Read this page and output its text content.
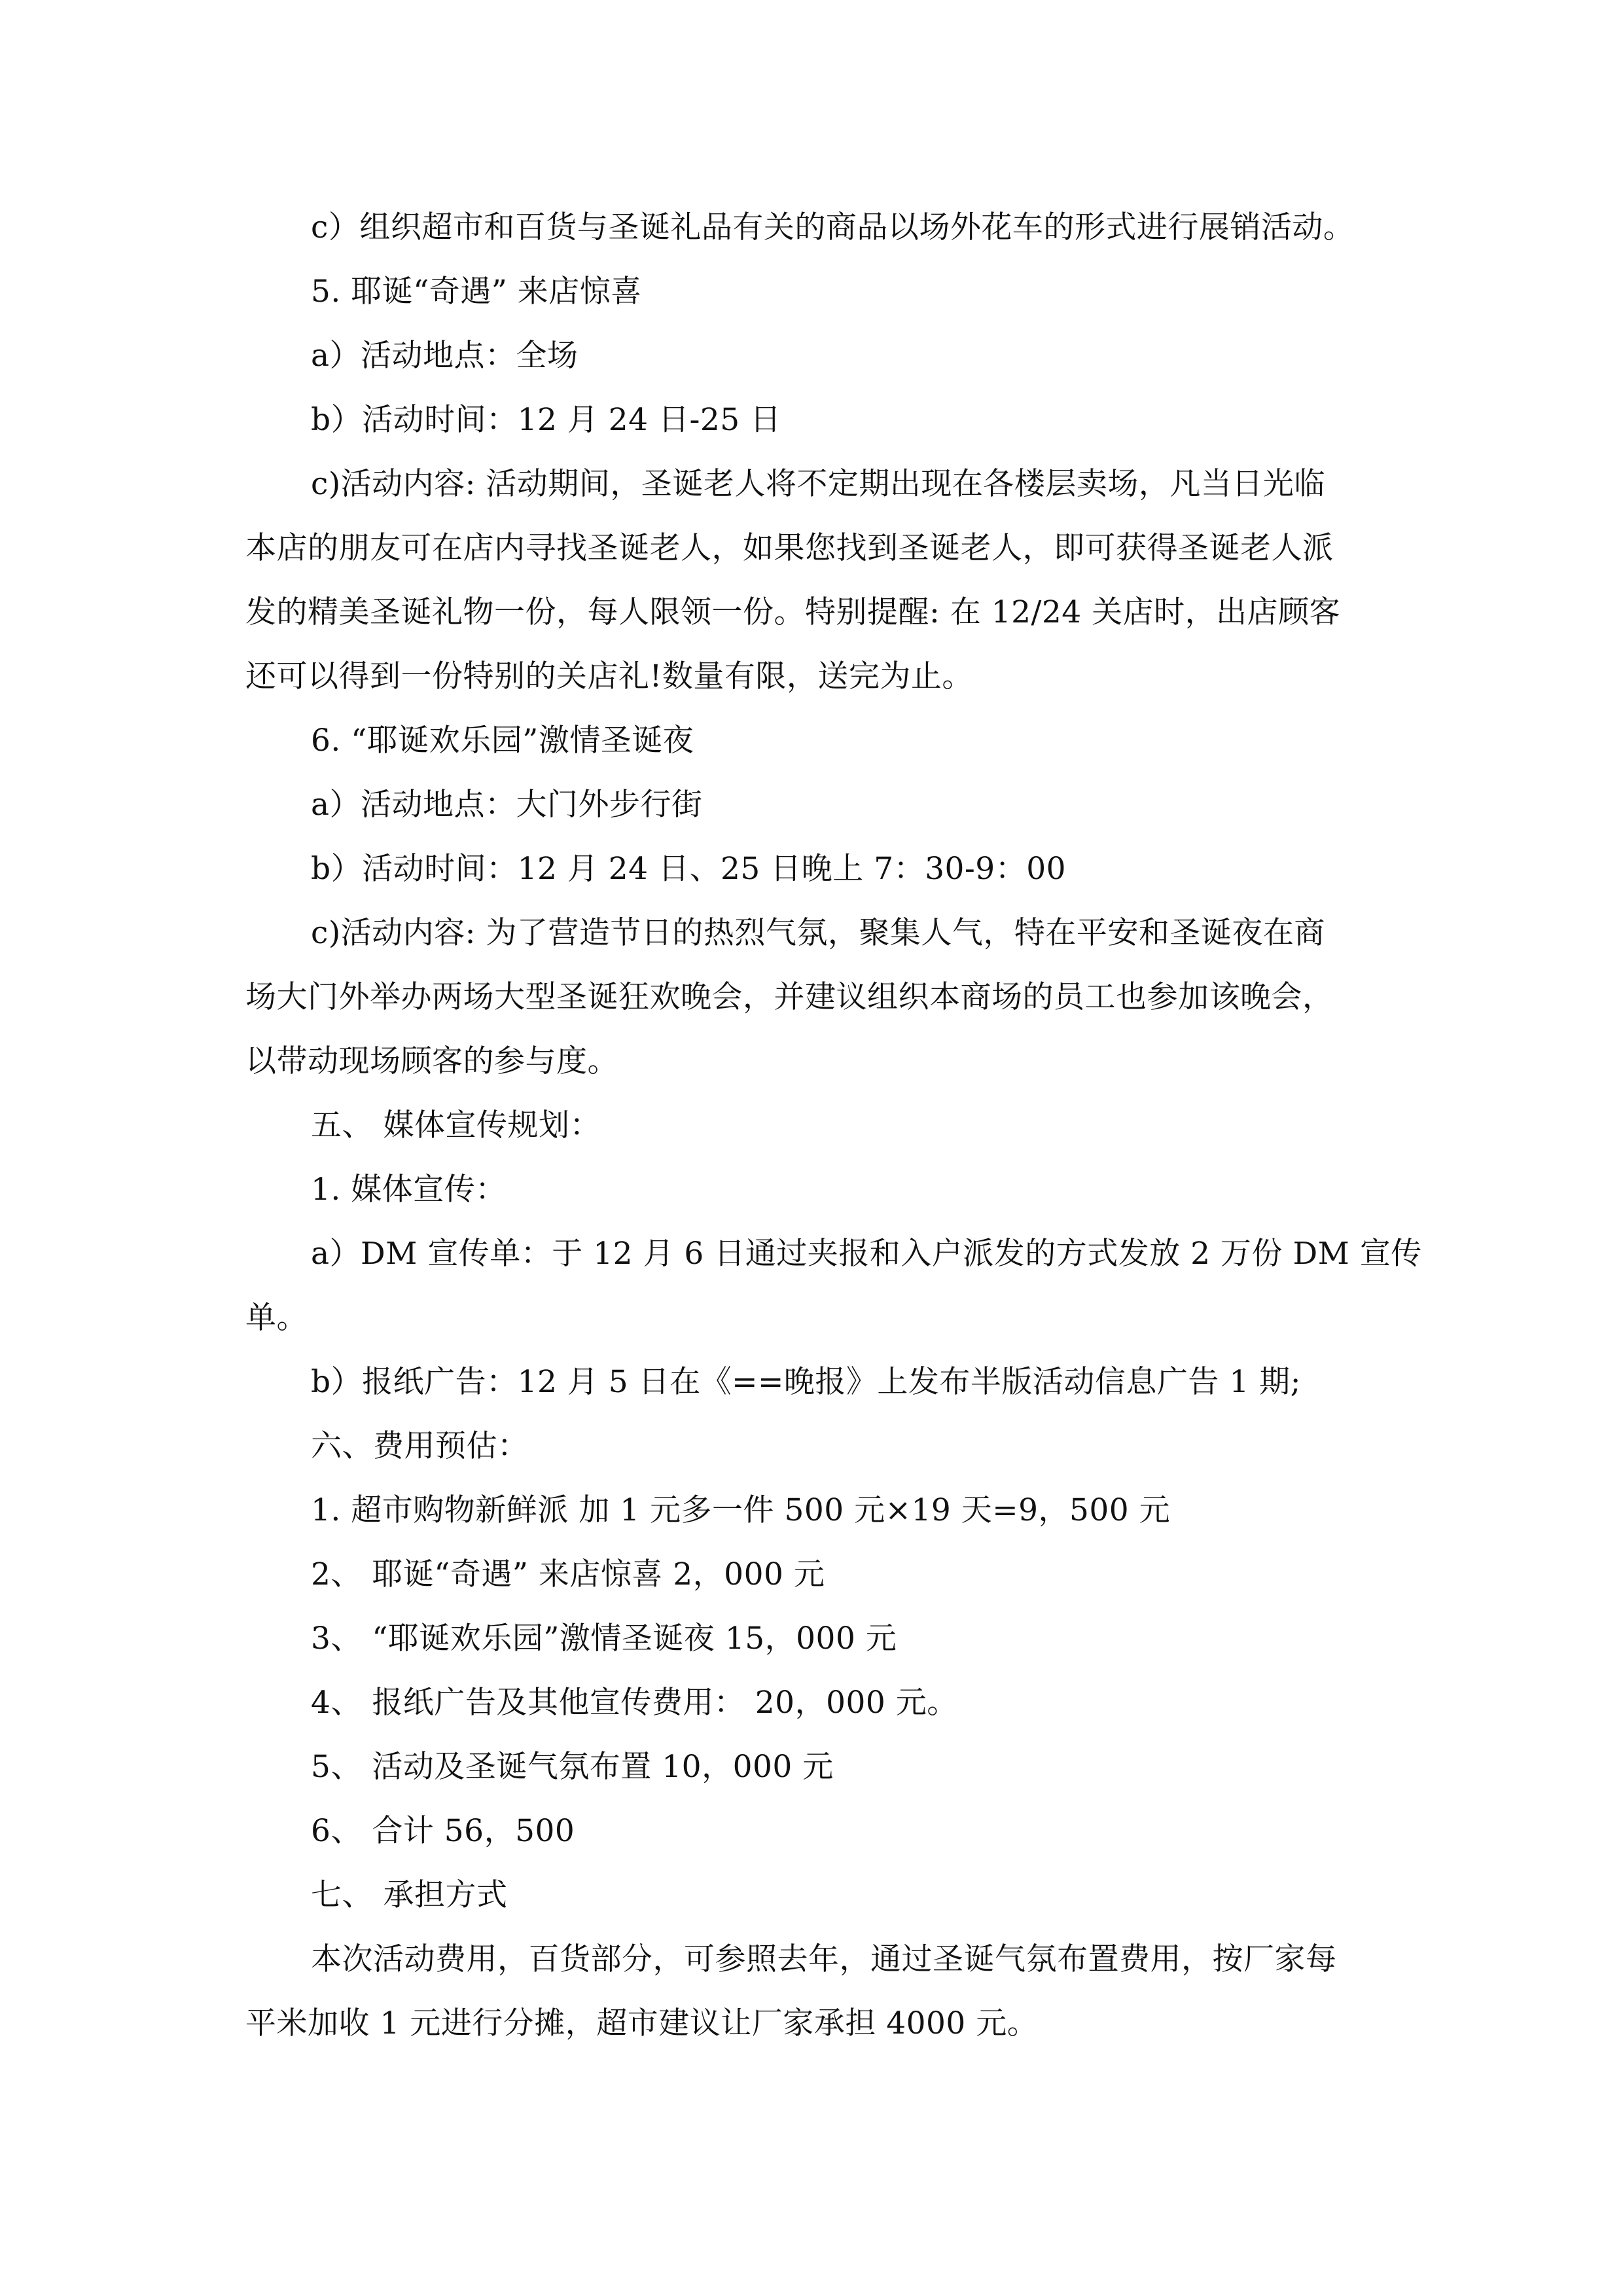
c）组织超市和百货与圣诞礼品有关的商品以场外花车的形式进行展销活动。
5. 耶诞“奇遇” 来店惊喜
a）活动地点：全场
b）活动时间：12 月 24 日-25 日
c)活动内容: 活动期间，圣诞老人将不定期出现在各楼层卖场，凡当日光临
本店的朋友可在店内寻找圣诞老人，如果您找到圣诞老人，即可获得圣诞老人派
发的精美圣诞礼物一份，每人限领一份。特别提醒: 在 12/24 关店时，出店顾客
还可以得到一份特别的关店礼!数量有限，送完为止。
6. “耶诞欢乐园”激情圣诞夜
a）活动地点：大门外步行街
b）活动时间：12 月 24 日、25 日晚上 7：30-9：00
c)活动内容: 为了营造节日的热烈气氛，聚集人气，特在平安和圣诞夜在商
场大门外举办两场大型圣诞狂欢晚会，并建议组织本商场的员工也参加该晚会，
以带动现场顾客的参与度。
五、 媒体宣传规划：
1. 媒体宣传：
a）DM 宣传单：于 12 月 6 日通过夹报和入户派发的方式发放 2 万份 DM 宣传
单。
b）报纸广告：12 月 5 日在《==晚报》上发布半版活动信息广告 1 期;
六、费用预估：
1. 超市购物新鲜派 加 1 元多一件 500 元×19 天=9，500 元
2、 耶诞“奇遇” 来店惊喜 2，000 元
3、 “耶诞欢乐园”激情圣诞夜 15，000 元
4、 报纸广告及其他宣传费用： 20，000 元。
5、 活动及圣诞气氛布置 10，000 元
6、 合计 56，500
七、 承担方式
本次活动费用，百货部分，可参照去年，通过圣诞气氛布置费用，按厂家每
平米加收 1 元进行分摊，超市建议让厂家承担 4000 元。
